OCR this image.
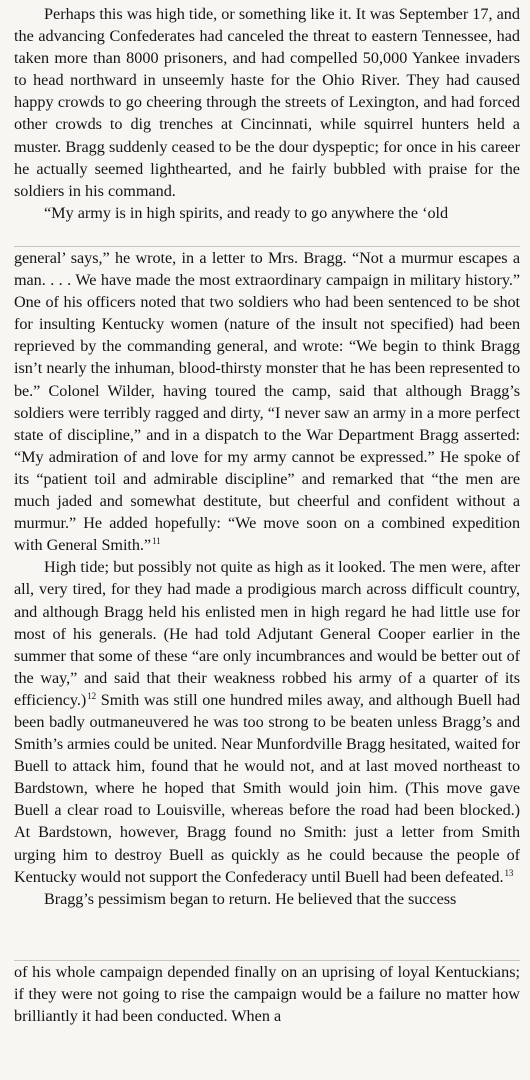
Perhaps this was high tide, or something like it. It was September 17, and the advancing Confederates had canceled the threat to eastern Tennessee, had taken more than 8000 prisoners, and had compelled 50,000 Yankee invaders to head northward in unseemly haste for the Ohio River. They had caused happy crowds to go cheering through the streets of Lexington, and had forced other crowds to dig trenches at Cincinnati, while squirrel hunters held a muster. Bragg suddenly ceased to be the dour dyspeptic; for once in his career he actually seemed lighthearted, and he fairly bubbled with praise for the soldiers in his command.

“My army is in high spirits, and ready to go anywhere the ‘old

general’ says,” he wrote, in a letter to Mrs. Bragg. “Not a murmur escapes a man. . . . We have made the most extraordinary campaign in military history.” One of his officers noted that two soldiers who had been sentenced to be shot for insulting Kentucky women (nature of the insult not specified) had been reprieved by the commanding general, and wrote: “We begin to think Bragg isn’t nearly the inhuman, blood-thirsty monster that he has been represented to be.” Colonel Wilder, having toured the camp, said that although Bragg’s soldiers were terribly ragged and dirty, “I never saw an army in a more perfect state of discipline,” and in a dispatch to the War Department Bragg asserted: “My admiration of and love for my army cannot be expressed.” He spoke of its “patient toil and admirable discipline” and remarked that “the men are much jaded and somewhat destitute, but cheerful and confident without a murmur.” He added hopefully: “We move soon on a combined expedition with General Smith.”$^{11}$

High tide; but possibly not quite as high as it looked. The men were, after all, very tired, for they had made a prodigious march across difficult country, and although Bragg held his enlisted men in high regard he had little use for most of his generals. (He had told Adjutant General Cooper earlier in the summer that some of these “are only incumbrances and would be better out of the way,” and said that their weakness robbed his army of a quarter of its efficiency.)$^{12}$ Smith was still one hundred miles away, and although Buell had been badly outmaneuvered he was too strong to be beaten unless Bragg’s and Smith’s armies could be united. Near Munfordville Bragg hesitated, waited for Buell to attack him, found that he would not, and at last moved northeast to Bardstown, where he hoped that Smith would join him. (This move gave Buell a clear road to Louisville, whereas before the road had been blocked.) At Bardstown, however, Bragg found no Smith: just a letter from Smith urging him to destroy Buell as quickly as he could because the people of Kentucky would not support the Confederacy until Buell had been defeated.$^{13}$

Bragg’s pessimism began to return. He believed that the success

of his whole campaign depended finally on an uprising of loyal Kentuckians; if they were not going to rise the campaign would be a failure no matter how brilliantly it had been conducted. When a
